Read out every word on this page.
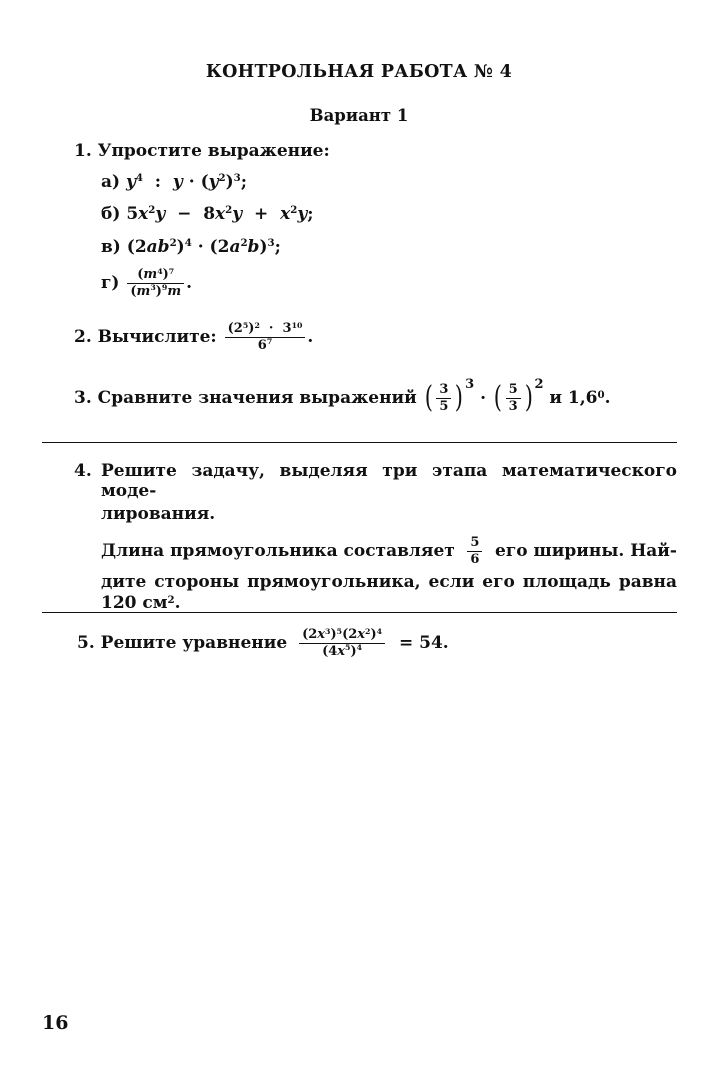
КОНТРОЛЬНАЯ РАБОТА № 4
Вариант 1
1. Упростите выражение:
а) $y^4$  :  $y \cdot (y^2)^3$;
б) $5x^2y - 8x^2y + x^2y$;
в) $(2ab^2)^4 \cdot (2a^2b)^3$;
$г) \frac{(m^4)^7}{(m^3)^9m}$ .
2. Вычислите: $\frac{(2^5)^2 \cdot 3^{10}}{6^7}$ .
3. Сравните значения выражений ( $\frac{3}{5}$ ) $^3$ · ( $\frac{5}{3}$ ) $^2$ и $1,6^0$.
4. Решите задачу, выделяя три этапа математического моде-
лирования.
Длина прямоугольника составляет $\frac{5}{6}$ его ширины. Най-
дите стороны прямоугольника, если его площадь равна
120 $см^2$.
5. Решите уравнение $\frac{(2x^3)^5(2x^2)^4}{(4x^5)^4} = 54$.
16
